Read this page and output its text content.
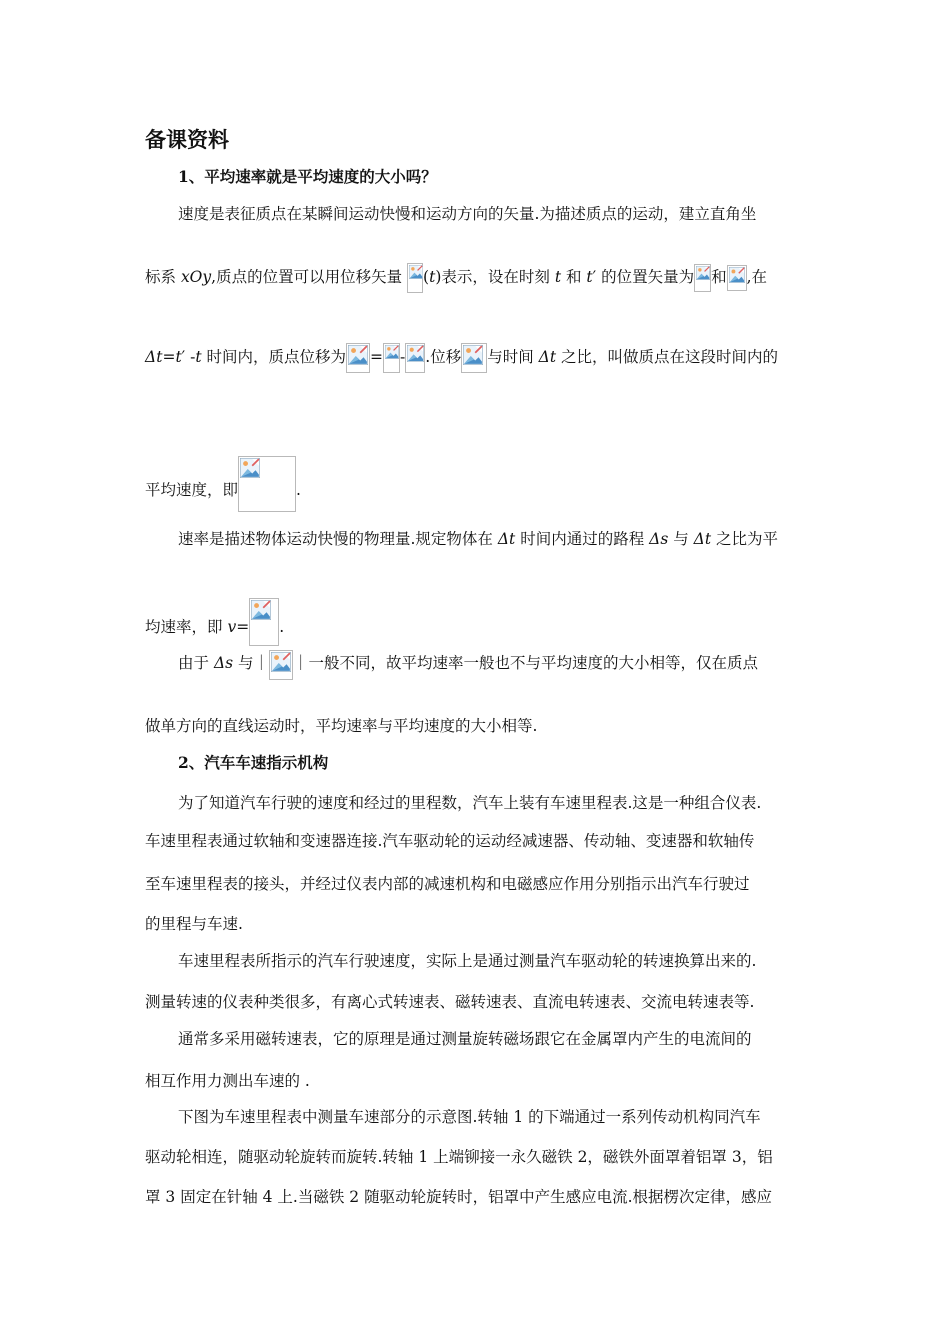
备课资料
1、平均速率就是平均速度的大小吗？
速度是表征质点在某瞬间运动快慢和运动方向的矢量.为描述质点的运动，建立直角坐
标系 xOy,质点的位置可以用位移矢量 (t)表示，设在时刻 t 和 t′ 的位置矢量为 和 ,在
Δt=t′ -t 时间内，质点位移为 = - .位移 与时间 Δt 之比，叫做质点在这段时间内的
平均速度，即	.
速率是描述物体运动快慢的物理量.规定物体在 Δt 时间内通过的路程 Δs 与 Δt 之比为平
均速率，即 v= .
由于 Δs 与｜ ｜一般不同，故平均速率一般也不与平均速度的大小相等，仅在质点
做单方向的直线运动时，平均速率与平均速度的大小相等.
2、汽车车速指示机构
为了知道汽车行驶的速度和经过的里程数，汽车上装有车速里程表.这是一种组合仪表.
车速里程表通过软轴和变速器连接.汽车驱动轮的运动经减速器、传动轴、变速器和软轴传
至车速里程表的接头，并经过仪表内部的减速机构和电磁感应作用分别指示出汽车行驶过
的里程与车速.
车速里程表所指示的汽车行驶速度，实际上是通过测量汽车驱动轮的转速换算出来的.
测量转速的仪表种类很多，有离心式转速表、磁转速表、直流电转速表、交流电转速表等.
通常多采用磁转速表，它的原理是通过测量旋转磁场跟它在金属罩内产生的电流间的
相互作用力测出车速的 .
下图为车速里程表中测量车速部分的示意图.转轴 1 的下端通过一系列传动机构同汽车
驱动轮相连，随驱动轮旋转而旋转.转轴 1 上端铆接一永久磁铁 2，磁铁外面罩着铝罩 3，铝
罩 3 固定在针轴 4 上.当磁铁 2 随驱动轮旋转时，铝罩中产生感应电流.根据楞次定律，感应
